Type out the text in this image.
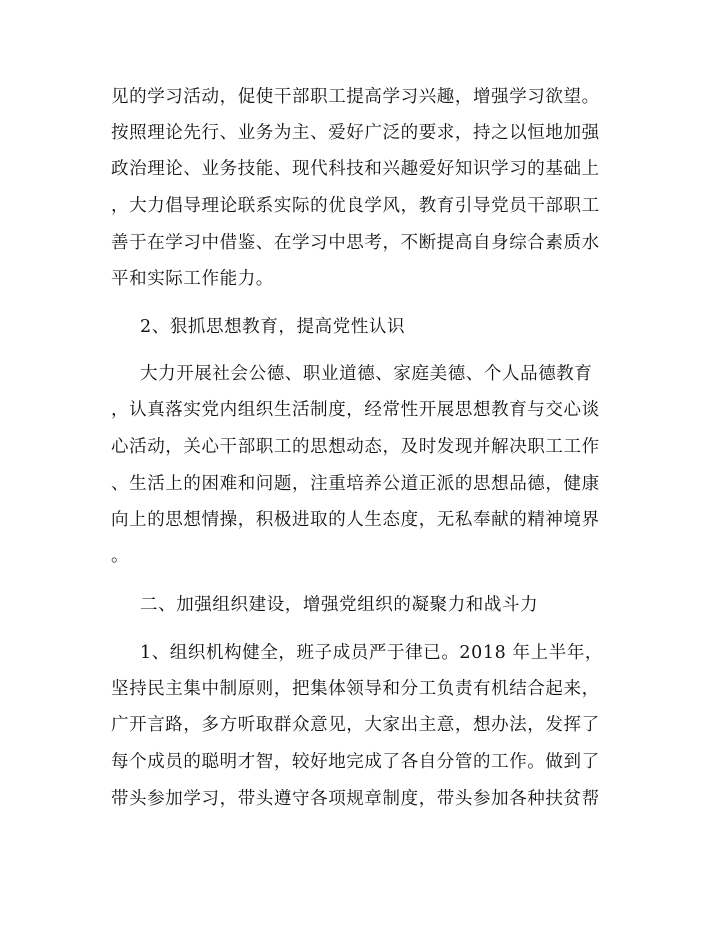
见的学习活动，促使干部职工提高学习兴趣，增强学习欲望。
按照理论先行、业务为主、爱好广泛的要求，持之以恒地加强
政治理论、业务技能、现代科技和兴趣爱好知识学习的基础上
，大力倡导理论联系实际的优良学风，教育引导党员干部职工
善于在学习中借鉴、在学习中思考，不断提高自身综合素质水
平和实际工作能力。
2、狠抓思想教育，提高党性认识
大力开展社会公德、职业道德、家庭美德、个人品德教育
，认真落实党内组织生活制度，经常性开展思想教育与交心谈
心活动，关心干部职工的思想动态，及时发现并解决职工工作
、生活上的困难和问题，注重培养公道正派的思想品德，健康
向上的思想情操，积极进取的人生态度，无私奉献的精神境界
。
二、加强组织建设，增强党组织的凝聚力和战斗力
1、组织机构健全，班子成员严于律已。2018 年上半年，
坚持民主集中制原则，把集体领导和分工负责有机结合起来，
广开言路，多方听取群众意见，大家出主意，想办法，发挥了
每个成员的聪明才智，较好地完成了各自分管的工作。做到了
带头参加学习，带头遵守各项规章制度，带头参加各种扶贫帮
